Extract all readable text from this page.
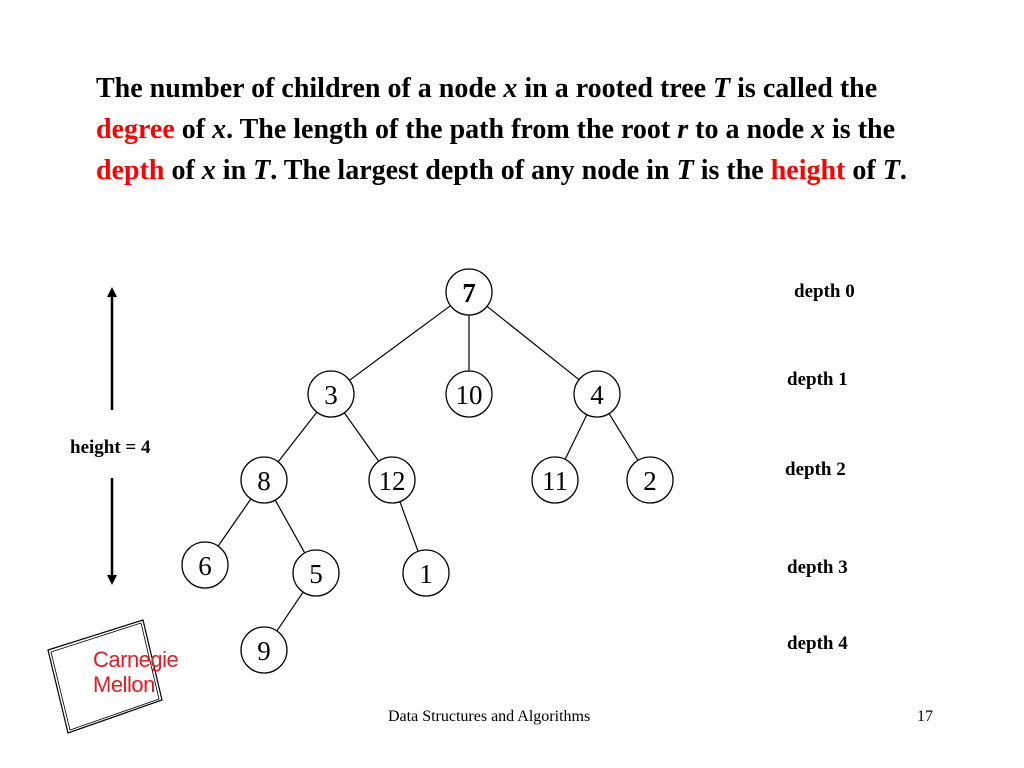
The number of children of a node x in a rooted tree T is called the degree of x. The length of the path from the root r to a node x is the depth of x in T. The largest depth of any node in T is the height of T.
7
3	10	4
8	12	11	2
6	5	1
9
depth 0
depth 1
depth 2
depth 3
depth 4
height = 4
Carnegie
Mellon
Data Structures and Algorithms	17
